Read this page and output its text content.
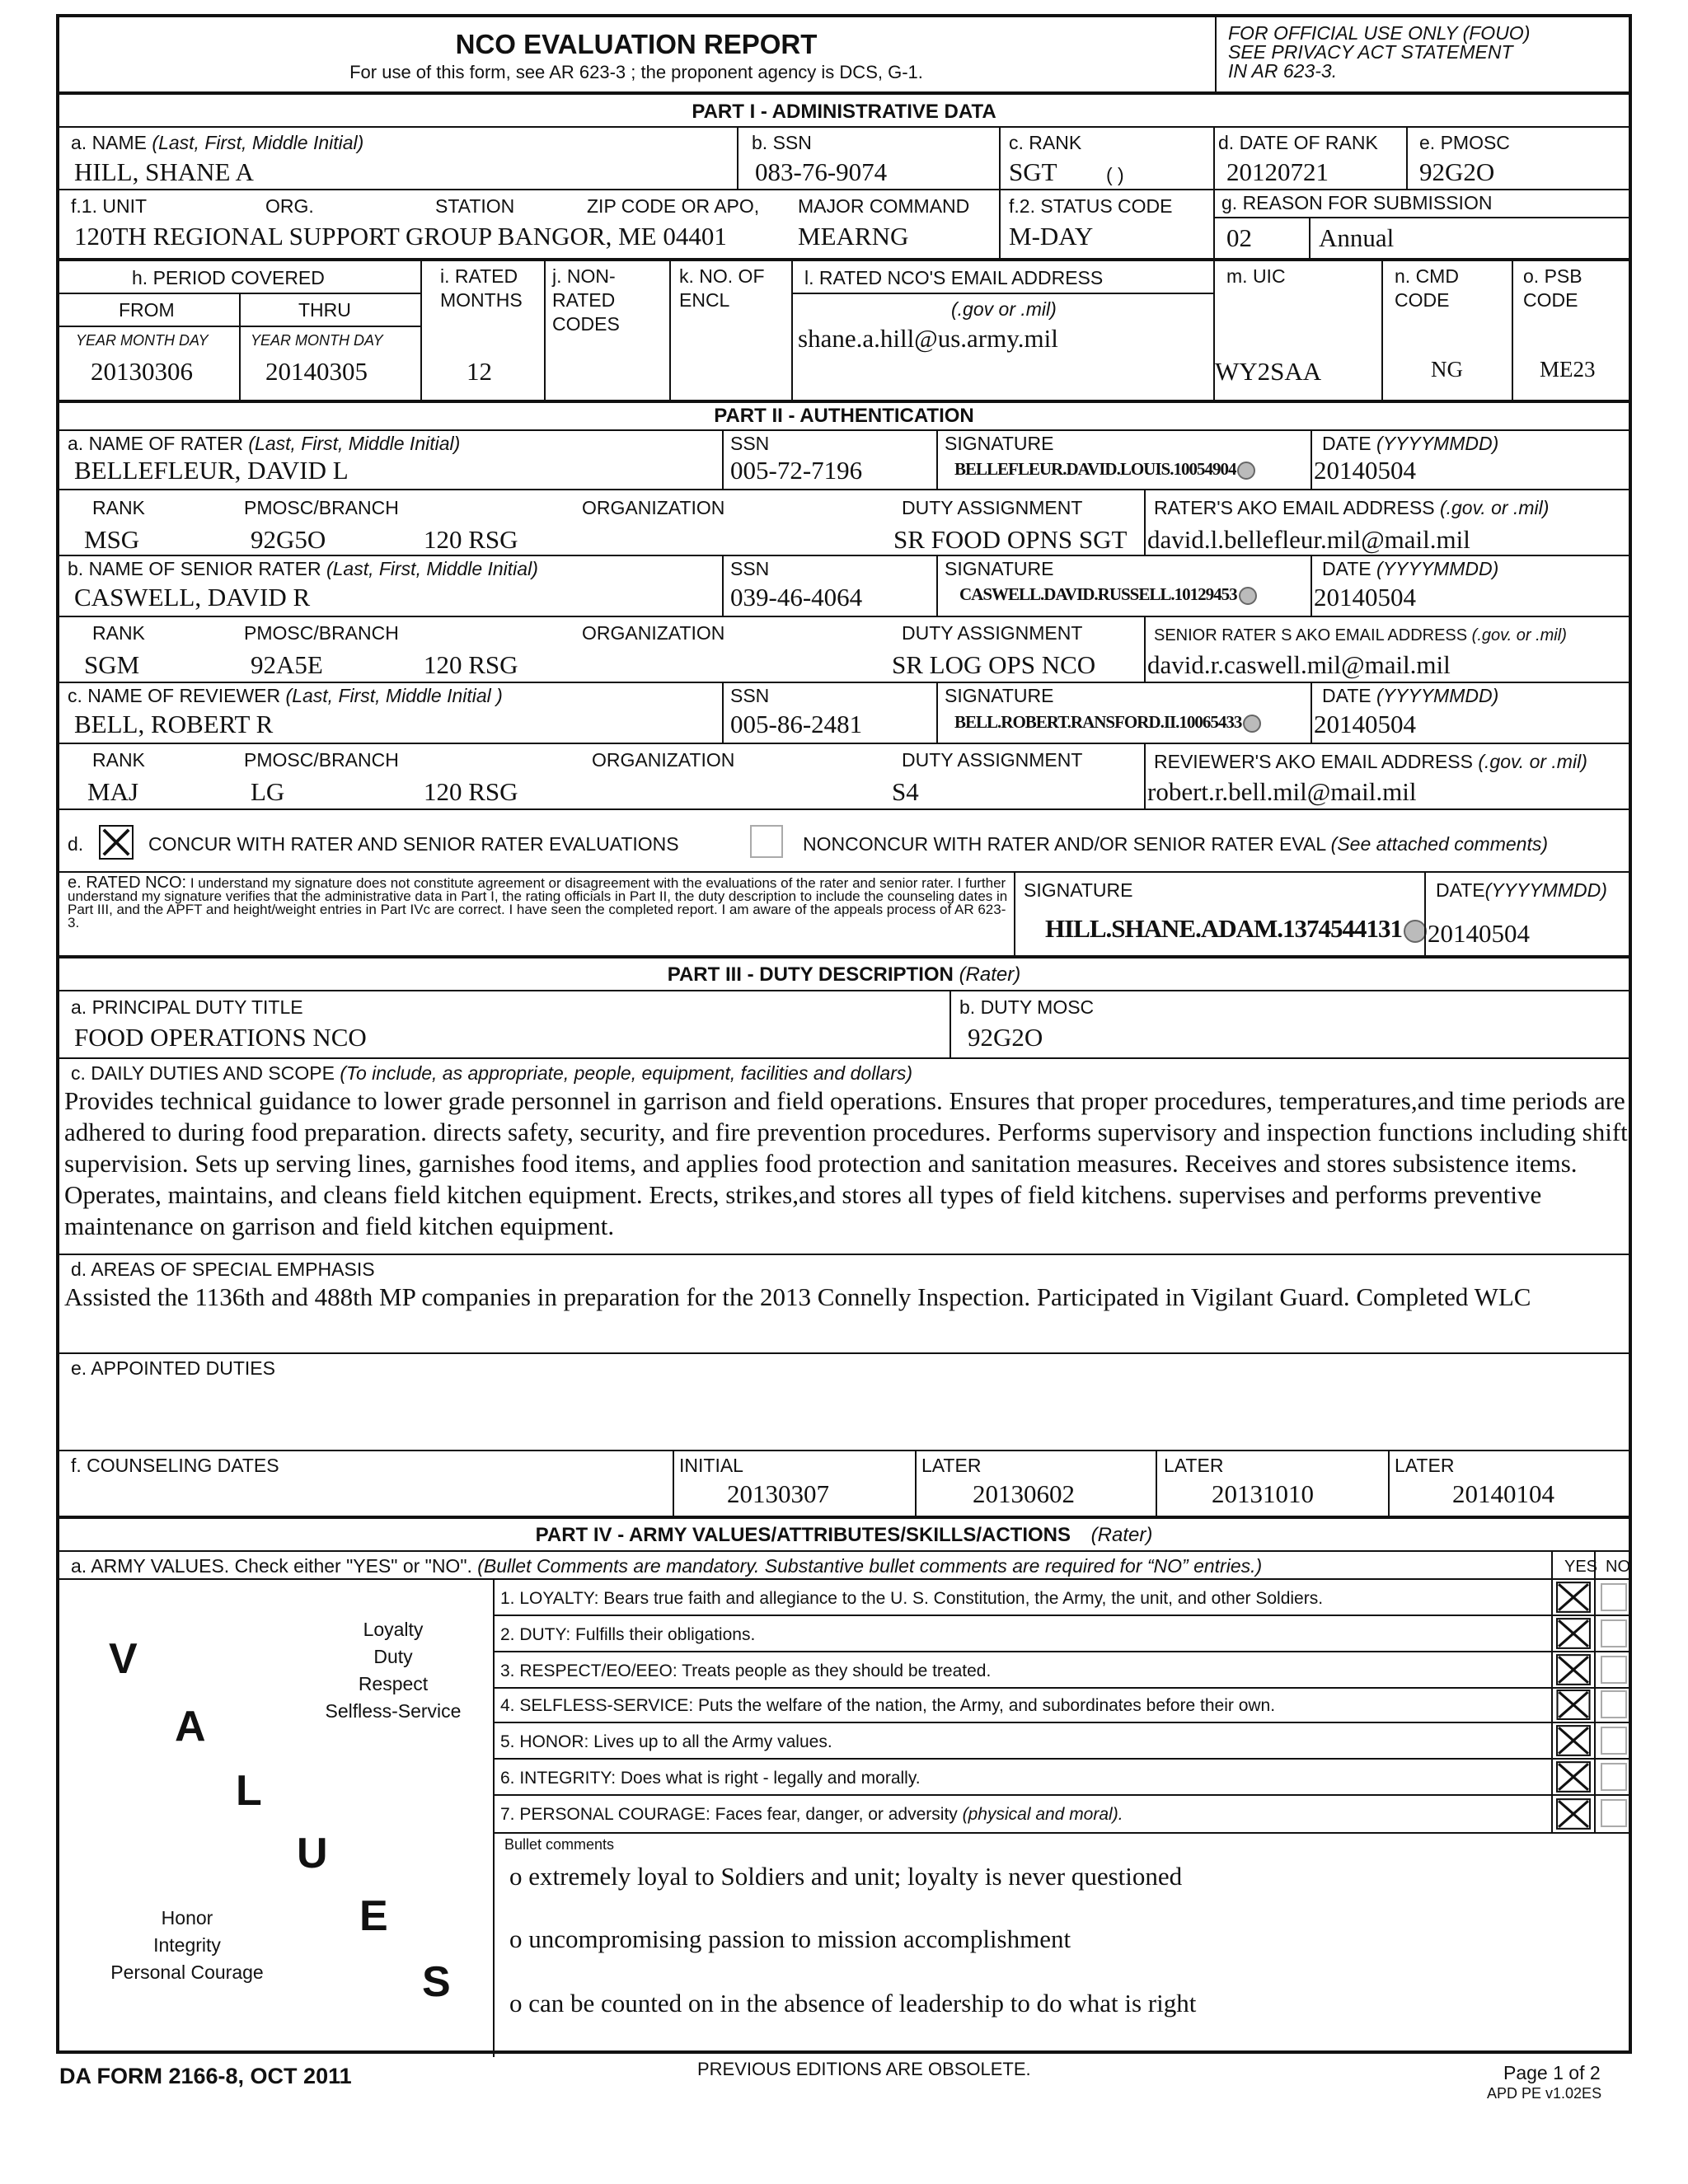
NCO EVALUATION REPORT
For use of this form, see AR 623-3 ; the proponent agency is DCS, G-1.
FOR OFFICIAL USE ONLY (FOUO)
SEE PRIVACY ACT STATEMENT
IN AR 623-3.
PART I - ADMINISTRATIVE DATA
a. NAME (Last, First, Middle Initial)
HILL, SHANE A
b. SSN
083-76-9074
c. RANK
SGT	( )
d. DATE OF RANK
20120721
e. PMOSC
92G2O
f.1. UNIT	ORG.	STATION	ZIP CODE OR APO, MAJOR COMMAND
120TH REGIONAL SUPPORT GROUP BANGOR, ME 04401	MEARNG
f.2. STATUS CODE
M-DAY
g. REASON FOR SUBMISSION
02	Annual
h. PERIOD COVERED
FROM	THRU
YEAR MONTH DAY	YEAR MONTH DAY
20130306	20140305
i. RATED
MONTHS
12
j. NON-
RATED
CODES
k. NO. OF
ENCL
l. RATED NCO'S EMAIL ADDRESS
(.gov or .mil)
shane.a.hill@us.army.mil
m. UIC
WY2SAA
n. CMD
CODE
NG
o. PSB
CODE
ME23
PART II - AUTHENTICATION
a. NAME OF RATER (Last, First, Middle Initial)
BELLEFLEUR, DAVID L
SSN
005-72-7196
SIGNATURE
BELLEFLEUR.DAVID.LOUIS.10054904
DATE (YYYYMMDD)
20140504
RANK	PMOSC/BRANCH	ORGANIZATION	DUTY ASSIGNMENT
MSG	92G5O	120 RSG	SR FOOD OPNS SGT
RATER'S AKO EMAIL ADDRESS (.gov. or .mil)
david.l.bellefleur.mil@mail.mil
b. NAME OF SENIOR RATER (Last, First, Middle Initial)
CASWELL, DAVID R
SSN
039-46-4064
SIGNATURE
CASWELL.DAVID.RUSSELL.10129453
DATE (YYYYMMDD)
20140504
RANK	PMOSC/BRANCH	ORGANIZATION	DUTY ASSIGNMENT
SGM	92A5E	120 RSG	SR LOG OPS NCO
SENIOR RATER S AKO EMAIL ADDRESS (.gov. or .mil)
david.r.caswell.mil@mail.mil
c. NAME OF REVIEWER (Last, First, Middle Initial )
BELL, ROBERT R
SSN
005-86-2481
SIGNATURE
BELL.ROBERT.RANSFORD.II.10065433
DATE (YYYYMMDD)
20140504
RANK	PMOSC/BRANCH	ORGANIZATION	DUTY ASSIGNMENT
MAJ	LG	120 RSG	S4
REVIEWER'S AKO EMAIL ADDRESS (.gov. or .mil)
robert.r.bell.mil@mail.mil
d.	CONCUR WITH RATER AND SENIOR RATER EVALUATIONS	NONCONCUR WITH RATER AND/OR SENIOR RATER EVAL (See attached comments)
e. RATED NCO: I understand my signature does not constitute agreement or disagreement with the evaluations of the rater and senior rater. I further understand my signature verifies that the administrative data in Part I, the rating officials in Part II, the duty description to include the counseling dates in Part III, and the APFT and height/weight entries in Part IVc are correct. I have seen the completed report. I am aware of the appeals process of AR 623-3.
SIGNATURE
HILL.SHANE.ADAM.1374544131
DATE(YYYYMMDD)
20140504
PART III - DUTY DESCRIPTION (Rater)
a. PRINCIPAL DUTY TITLE
FOOD OPERATIONS NCO
b. DUTY MOSC
92G2O
c. DAILY DUTIES AND SCOPE (To include, as appropriate, people, equipment, facilities and dollars)
Provides technical guidance to lower grade personnel in garrison and field operations. Ensures that proper procedures, temperatures,and time periods are adhered to during food preparation. directs safety, security, and fire prevention procedures. Performs supervisory and inspection functions including shift supervision. Sets up serving lines, garnishes food items, and applies food protection and sanitation measures. Receives and stores subsistence items. Operates, maintains, and cleans field kitchen equipment. Erects, strikes,and stores all types of field kitchens. supervises and performs preventive maintenance on garrison and field kitchen equipment.
d. AREAS OF SPECIAL EMPHASIS
Assisted the 1136th and 488th MP companies in preparation for the 2013 Connelly Inspection. Participated in Vigilant Guard. Completed WLC
e. APPOINTED DUTIES
f. COUNSELING DATES	INITIAL
20130307
LATER
20130602
LATER
20131010
LATER
20140104
PART IV - ARMY VALUES/ATTRIBUTES/SKILLS/ACTIONS (Rater)
a. ARMY VALUES. Check either "YES" or "NO". (Bullet Comments are mandatory. Substantive bullet comments are required for “NO” entries.)	YES NO
V
A
L
U
E
S
Loyalty
Duty
Respect
Selfless-Service
Honor
Integrity
Personal Courage
1. LOYALTY: Bears true faith and allegiance to the U. S. Constitution, the Army, the unit, and other Soldiers.
2. DUTY: Fulfills their obligations.
3. RESPECT/EO/EEO: Treats people as they should be treated.
4. SELFLESS-SERVICE: Puts the welfare of the nation, the Army, and subordinates before their own.
5. HONOR: Lives up to all the Army values.
6. INTEGRITY: Does what is right - legally and morally.
7. PERSONAL COURAGE: Faces fear, danger, or adversity (physical and moral).
Bullet comments
o extremely loyal to Soldiers and unit; loyalty is never questioned
o uncompromising passion to mission accomplishment
o can be counted on in the absence of leadership to do what is right
DA FORM 2166-8, OCT 2011	PREVIOUS EDITIONS ARE OBSOLETE.	Page 1 of 2
APD PE v1.02ES
